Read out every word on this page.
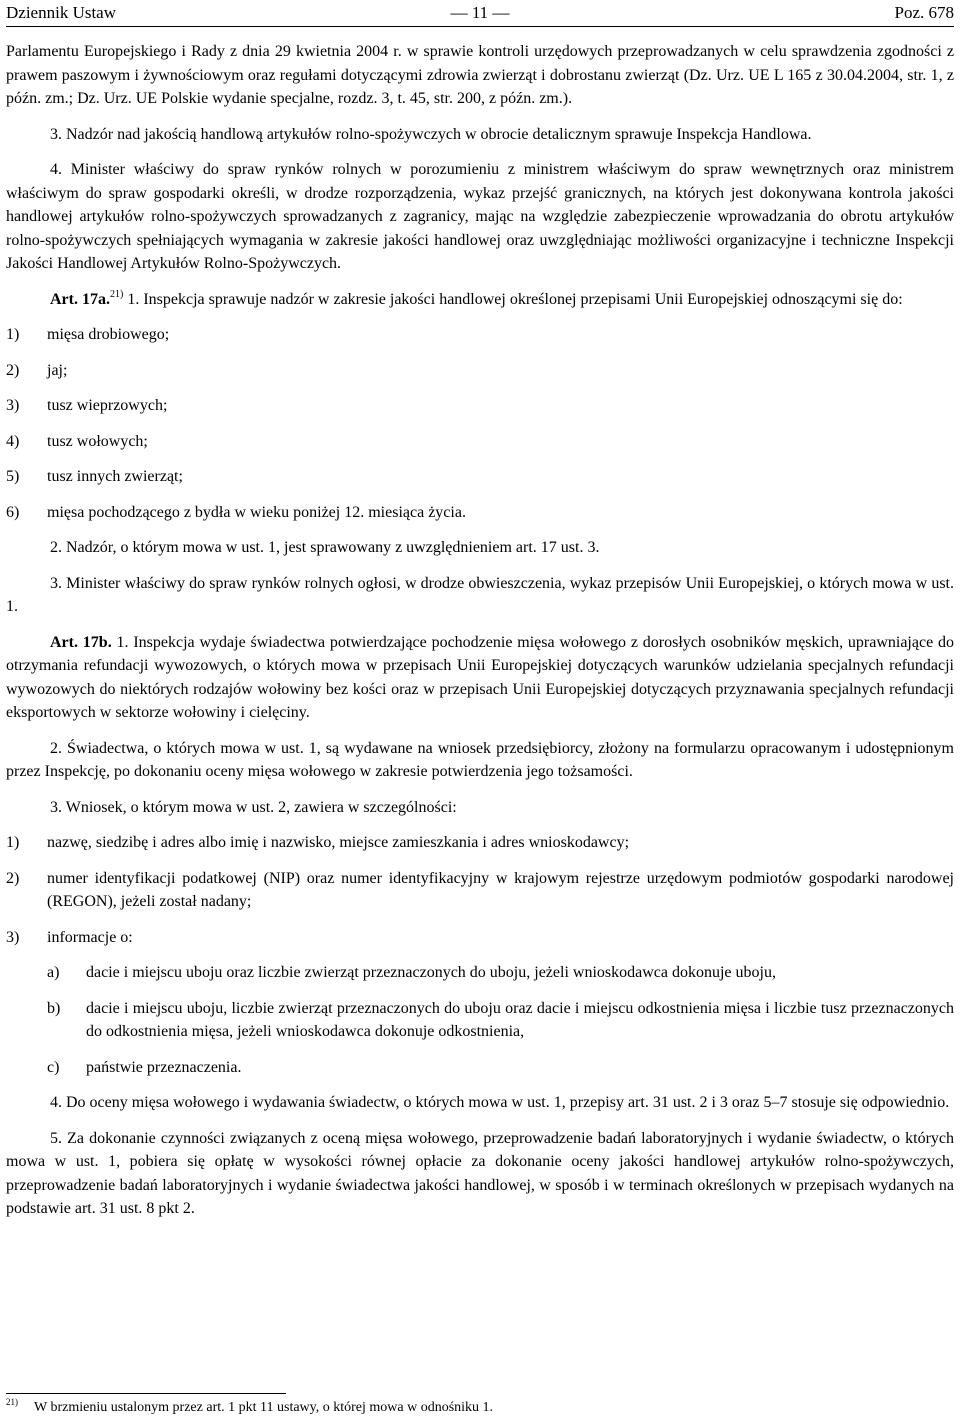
Dziennik Ustaw	— 11 —	Poz. 678

Parlamentu Europejskiego i Rady z dnia 29 kwietnia 2004 r. w sprawie kontroli urzędowych przeprowadzanych w celu sprawdzenia zgodności z prawem paszowym i żywnościowym oraz regułami dotyczącymi zdrowia zwierząt i dobrostanu zwierząt (Dz. Urz. UE L 165 z 30.04.2004, str. 1, z późn. zm.; Dz. Urz. UE Polskie wydanie specjalne, rozdz. 3, t. 45, str. 200, z późn. zm.).

3. Nadzór nad jakością handlową artykułów rolno-spożywczych w obrocie detalicznym sprawuje Inspekcja Handlowa.

4. Minister właściwy do spraw rynków rolnych w porozumieniu z ministrem właściwym do spraw wewnętrznych oraz ministrem właściwym do spraw gospodarki określi, w drodze rozporządzenia, wykaz przejść granicznych, na których jest dokonywana kontrola jakości handlowej artykułów rolno-spożywczych sprowadzanych z zagranicy, mając na względzie zabezpieczenie wprowadzania do obrotu artykułów rolno-spożywczych spełniających wymagania w zakresie jakości handlowej oraz uwzględniając możliwości organizacyjne i techniczne Inspekcji Jakości Handlowej Artykułów Rolno-Spożywczych.

Art. 17a.$^{21)}$ 1. Inspekcja sprawuje nadzór w zakresie jakości handlowej określonej przepisami Unii Europejskiej odnoszącymi się do:

1) mięsa drobiowego;
2) jaj;
3) tusz wieprzowych;
4) tusz wołowych;
5) tusz innych zwierząt;
6) mięsa pochodzącego z bydła w wieku poniżej 12. miesiąca życia.

2. Nadzór, o którym mowa w ust. 1, jest sprawowany z uwzględnieniem art. 17 ust. 3.

3. Minister właściwy do spraw rynków rolnych ogłosi, w drodze obwieszczenia, wykaz przepisów Unii Europejskiej, o których mowa w ust. 1.

Art. 17b. 1. Inspekcja wydaje świadectwa potwierdzające pochodzenie mięsa wołowego z dorosłych osobników męskich, uprawniające do otrzymania refundacji wywozowych, o których mowa w przepisach Unii Europejskiej dotyczących warunków udzielania specjalnych refundacji wywozowych do niektórych rodzajów wołowiny bez kości oraz w przepisach Unii Europejskiej dotyczących przyznawania specjalnych refundacji eksportowych w sektorze wołowiny i cielęciny.

2. Świadectwa, o których mowa w ust. 1, są wydawane na wniosek przedsiębiorcy, złożony na formularzu opracowanym i udostępnionym przez Inspekcję, po dokonaniu oceny mięsa wołowego w zakresie potwierdzenia jego tożsamości.

3. Wniosek, o którym mowa w ust. 2, zawiera w szczególności:

1) nazwę, siedzibę i adres albo imię i nazwisko, miejsce zamieszkania i adres wnioskodawcy;
2) numer identyfikacji podatkowej (NIP) oraz numer identyfikacyjny w krajowym rejestrze urzędowym podmiotów gospodarki narodowej (REGON), jeżeli został nadany;
3) informacje o:
a) dacie i miejscu uboju oraz liczbie zwierząt przeznaczonych do uboju, jeżeli wnioskodawca dokonuje uboju,
b) dacie i miejscu uboju, liczbie zwierząt przeznaczonych do uboju oraz dacie i miejscu odkostnienia mięsa i liczbie tusz przeznaczonych do odkostnienia mięsa, jeżeli wnioskodawca dokonuje odkostnienia,
c) państwie przeznaczenia.

4. Do oceny mięsa wołowego i wydawania świadectw, o których mowa w ust. 1, przepisy art. 31 ust. 2 i 3 oraz 5–7 stosuje się odpowiednio.

5. Za dokonanie czynności związanych z oceną mięsa wołowego, przeprowadzenie badań laboratoryjnych i wydanie świadectw, o których mowa w ust. 1, pobiera się opłatę w wysokości równej opłacie za dokonanie oceny jakości handlowej artykułów rolno-spożywczych, przeprowadzenie badań laboratoryjnych i wydanie świadectwa jakości handlowej, w sposób i w terminach określonych w przepisach wydanych na podstawie art. 31 ust. 8 pkt 2.

$^{21)}$ W brzmieniu ustalonym przez art. 1 pkt 11 ustawy, o której mowa w odnośniku 1.
